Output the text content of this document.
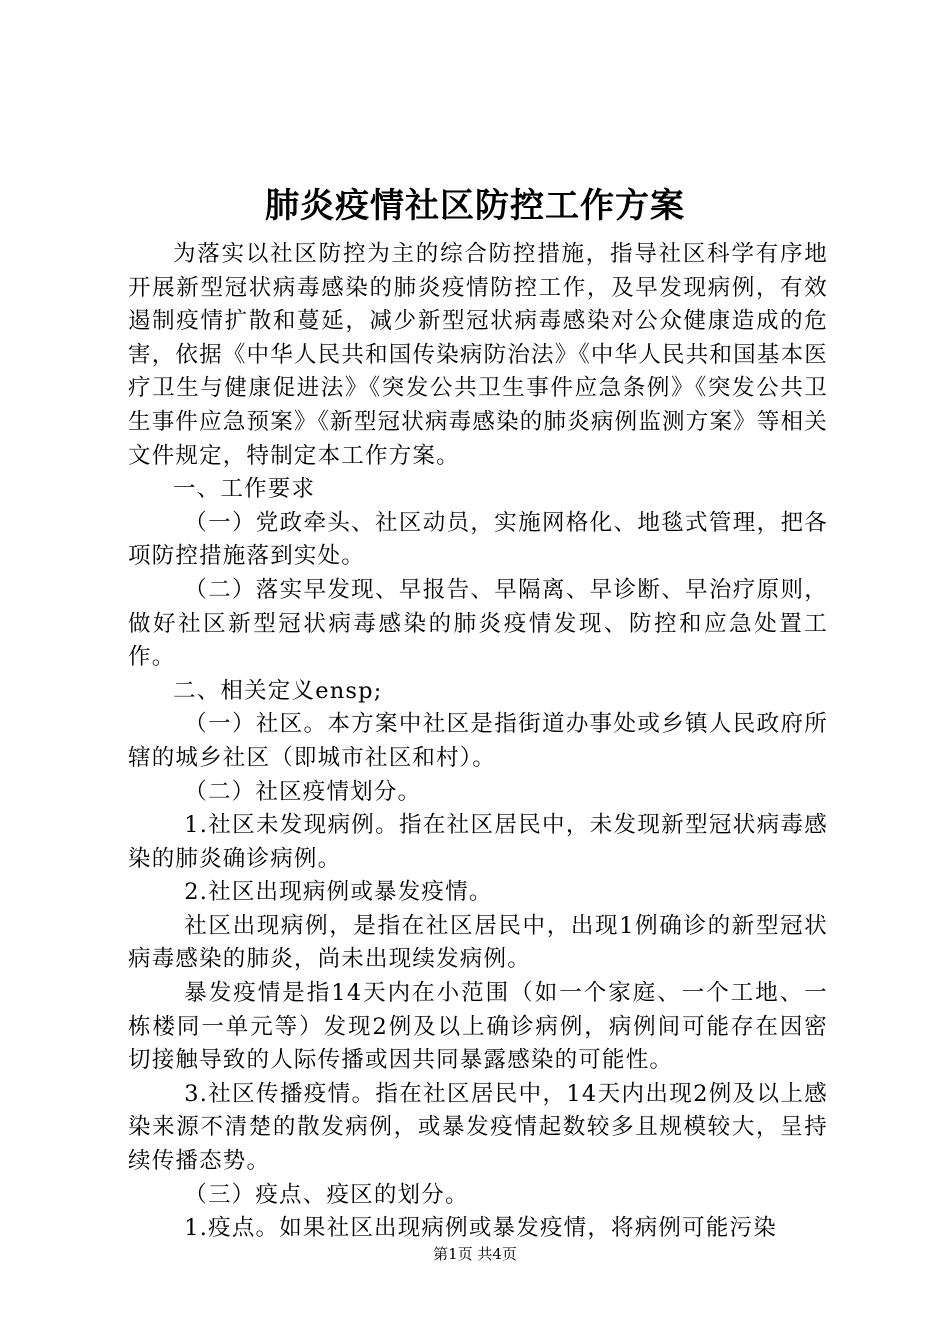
肺炎疫情社区防控工作方案

为落实以社区防控为主的综合防控措施，指导社区科学有序地开展新型冠状病毒感染的肺炎疫情防控工作，及早发现病例，有效遏制疫情扩散和蔓延，减少新型冠状病毒感染对公众健康造成的危害，依据《中华人民共和国传染病防治法》《中华人民共和国基本医疗卫生与健康促进法》《突发公共卫生事件应急条例》《突发公共卫生事件应急预案》《新型冠状病毒感染的肺炎病例监测方案》等相关文件规定，特制定本工作方案。

一、工作要求

（一）党政牵头、社区动员，实施网格化、地毯式管理，把各项防控措施落到实处。

（二）落实早发现、早报告、早隔离、早诊断、早治疗原则，做好社区新型冠状病毒感染的肺炎疫情发现、防控和应急处置工作。

二、相关定义ensp;

（一）社区。本方案中社区是指街道办事处或乡镇人民政府所辖的城乡社区（即城市社区和村）。

（二）社区疫情划分。

1.社区未发现病例。指在社区居民中，未发现新型冠状病毒感染的肺炎确诊病例。

2.社区出现病例或暴发疫情。

社区出现病例，是指在社区居民中，出现1例确诊的新型冠状病毒感染的肺炎，尚未出现续发病例。

暴发疫情是指14天内在小范围（如一个家庭、一个工地、一栋楼同一单元等）发现2例及以上确诊病例，病例间可能存在因密切接触导致的人际传播或因共同暴露感染的可能性。

3.社区传播疫情。指在社区居民中，14天内出现2例及以上感染来源不清楚的散发病例，或暴发疫情起数较多且规模较大，呈持续传播态势。

（三）疫点、疫区的划分。

1.疫点。如果社区出现病例或暴发疫情，将病例可能污染

第1页 共4页
